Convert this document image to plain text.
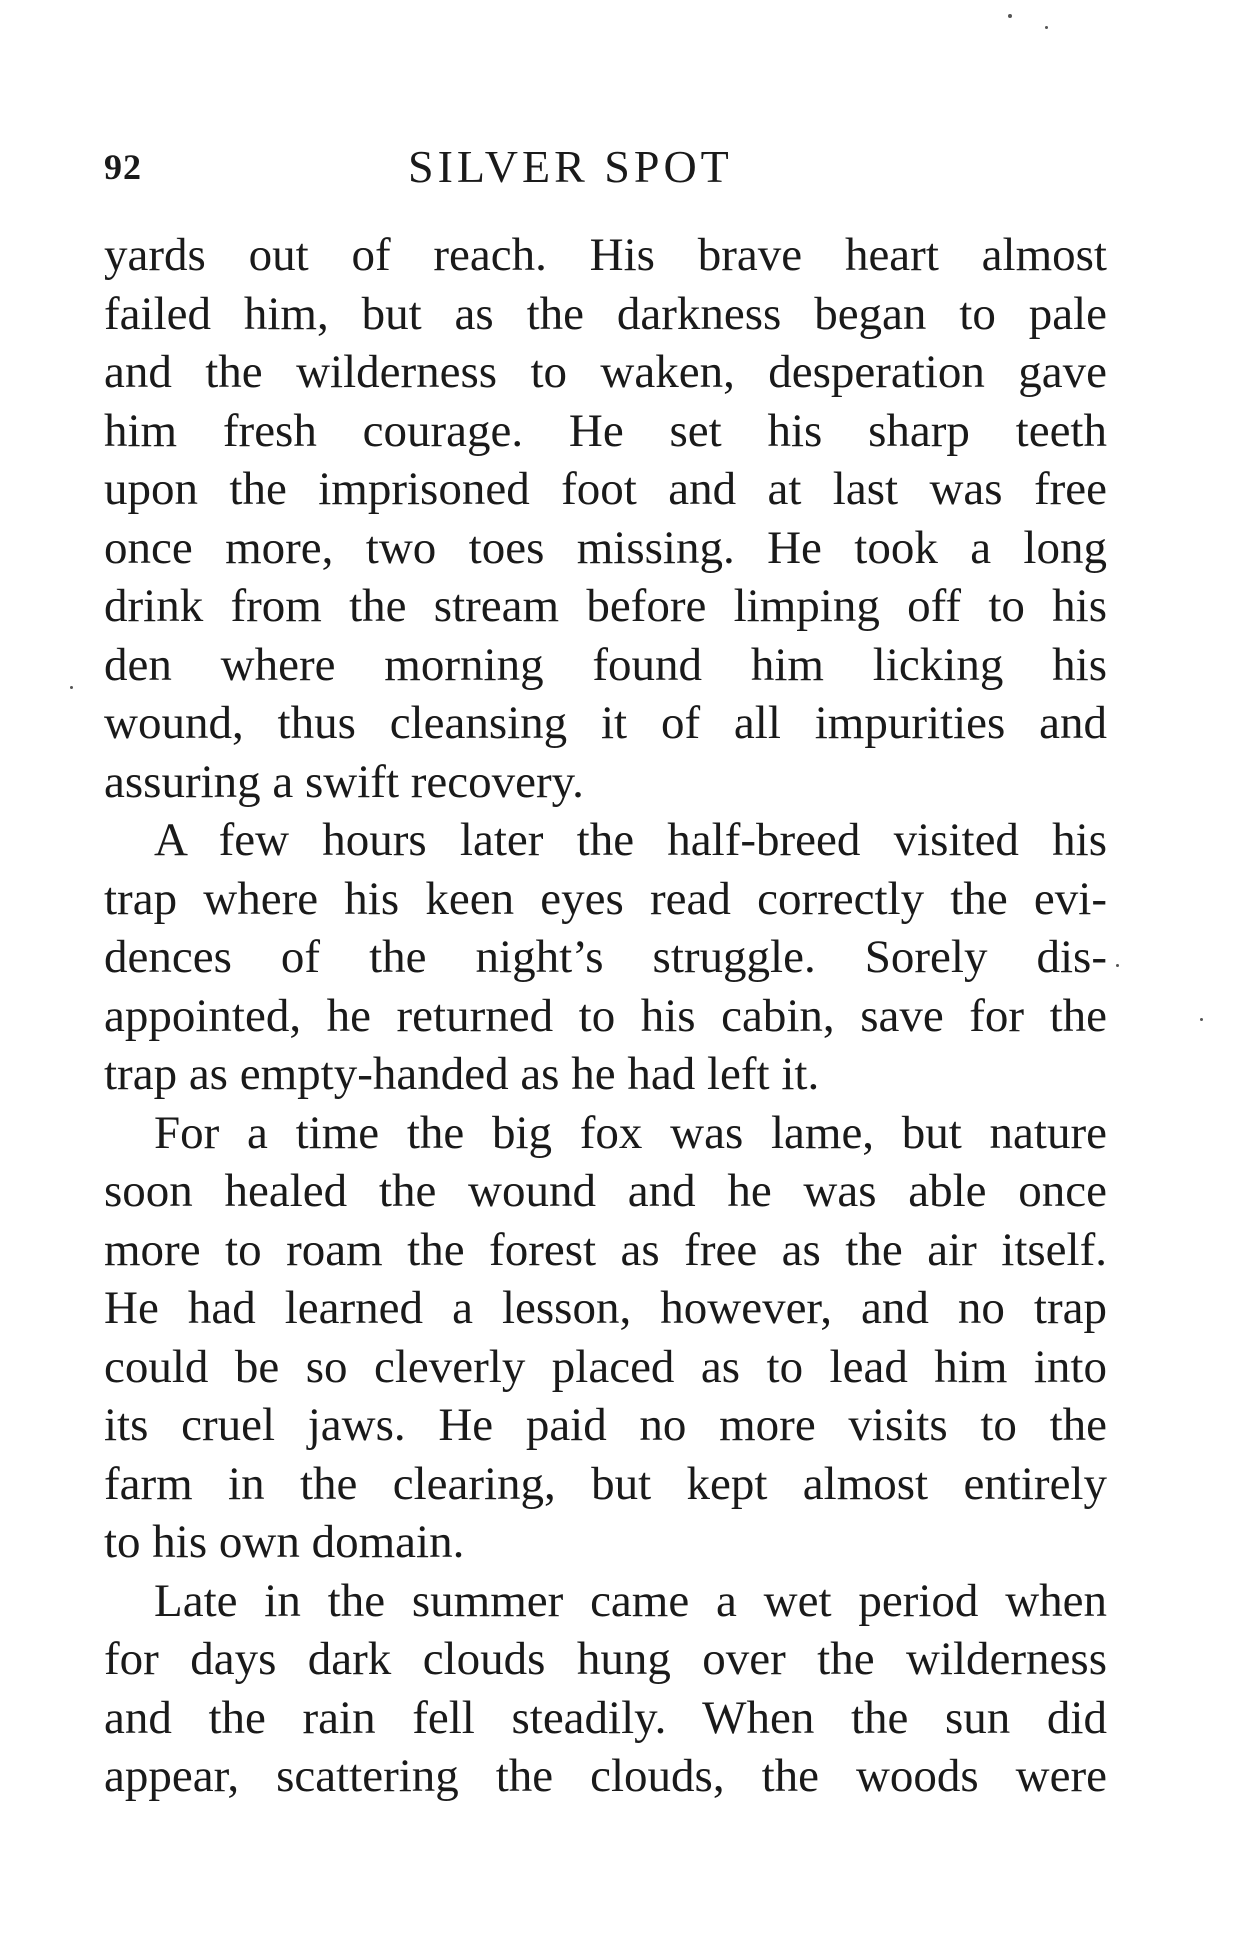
92	SILVER SPOT
yards out of reach. His brave heart almost
failed him, but as the darkness began to pale
and the wilderness to waken, desperation gave
him fresh courage. He set his sharp teeth
upon the imprisoned foot and at last was free
once more, two toes missing. He took a long
drink from the stream before limping off to his
den where morning found him licking his
wound, thus cleansing it of all impurities and
assuring a swift recovery.
A few hours later the half-breed visited his
trap where his keen eyes read correctly the evi-
dences of the night’s struggle. Sorely dis-
appointed, he returned to his cabin, save for the
trap as empty-handed as he had left it.
For a time the big fox was lame, but nature
soon healed the wound and he was able once
more to roam the forest as free as the air itself.
He had learned a lesson, however, and no trap
could be so cleverly placed as to lead him into
its cruel jaws. He paid no more visits to the
farm in the clearing, but kept almost entirely
to his own domain.
Late in the summer came a wet period when
for days dark clouds hung over the wilderness
and the rain fell steadily. When the sun did
appear, scattering the clouds, the woods were
